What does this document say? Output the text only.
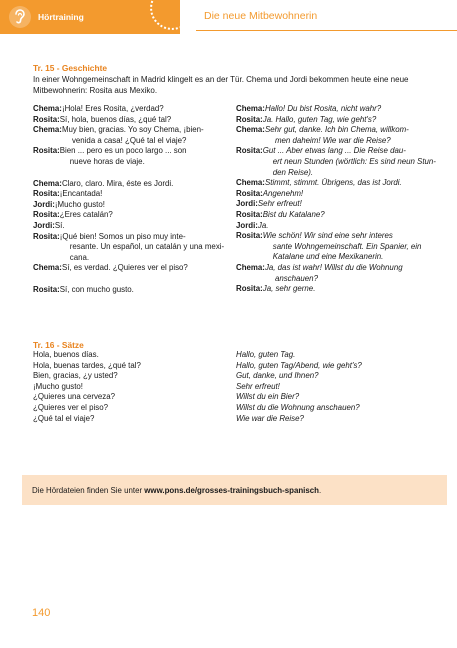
Hörtraining	Die neue Mitbewohnerin
Tr. 15 - Geschichte
In einer Wohngemeinschaft in Madrid klingelt es an der Tür. Chema und Jordi bekommen heute eine neue Mitbewohnerin: Rosita aus Mexiko.
Chema: ¡Hola! Eres Rosita, ¿verdad?
Rosita: Sí, hola, buenos días, ¿qué tal?
Chema: Muy bien, gracias. Yo soy Chema, ¡bien-
venida a casa! ¿Qué tal el viaje?
Rosita: Bien ... pero es un poco largo ... son
nueve horas de viaje.
Chema: Claro, claro. Mira, éste es Jordi.
Rosita: ¡Encantada!
Jordi: ¡Mucho gusto!
Rosita: ¿Eres catalán?
Jordi: Sí.
Rosita: ¡Qué bien! Somos un piso muy inte-
resante. Un español, un catalán y una mexi-
cana.
Chema: Sí, es verdad. ¿Quieres ver el piso?
Rosita: Sí, con mucho gusto.
Chema: Hallo! Du bist Rosita, nicht wahr?
Rosita: Ja. Hallo, guten Tag, wie geht's?
Chema: Sehr gut, danke. Ich bin Chema, willkom-
men daheim! Wie war die Reise?
Rosita: Gut ... Aber etwas lang ... Die Reise dau-
ert neun Stunden (wörtlich: Es sind neun Stun-
den Reise).
Chema: Stimmt, stimmt. Übrigens, das ist Jordi.
Rosita: Angenehm!
Jordi: Sehr erfreut!
Rosita: Bist du Katalane?
Jordi: Ja.
Rosita: Wie schön! Wir sind eine sehr interes
sante Wohngemeinschaft. Ein Spanier, ein
Katalane und eine Mexikanerin.
Chema: Ja, das ist wahr! Willst du die Wohnung
anschauen?
Rosita: Ja, sehr gerne.
Tr. 16 - Sätze
Hola, buenos días.
Hola, buenas tardes, ¿qué tal?
Bien, gracias, ¿y usted?
¡Mucho gusto!
¿Quieres una cerveza?
¿Quieres ver el piso?
¿Qué tal el viaje?
Hallo, guten Tag.
Hallo, guten Tag/Abend, wie geht's?
Gut, danke, und Ihnen?
Sehr erfreut!
Willst du ein Bier?
Willst du die Wohnung anschauen?
Wie war die Reise?
Die Hördateien finden Sie unter www.pons.de/grosses-trainingsbuch-spanisch.
140
